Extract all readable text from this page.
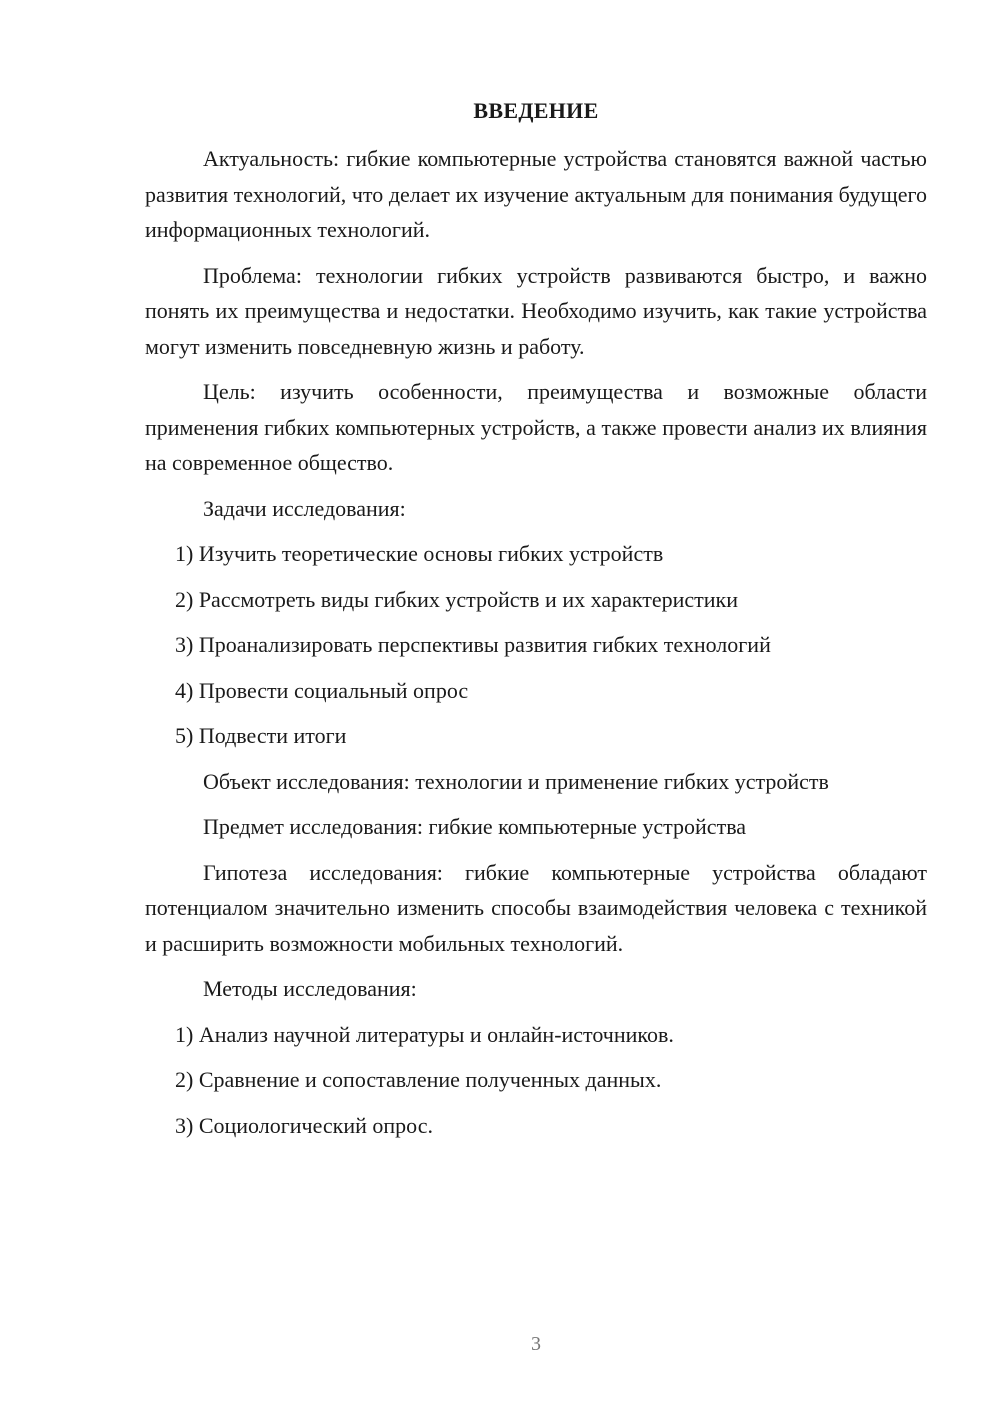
ВВЕДЕНИЕ

Актуальность: гибкие компьютерные устройства становятся важной частью развития технологий, что делает их изучение актуальным для понимания будущего информационных технологий.

Проблема: технологии гибких устройств развиваются быстро, и важно понять их преимущества и недостатки. Необходимо изучить, как такие устройства могут изменить повседневную жизнь и работу.

Цель: изучить особенности, преимущества и возможные области применения гибких компьютерных устройств, а также провести анализ их влияния на современное общество.

Задачи исследования:

1) Изучить теоретические основы гибких устройств

2) Рассмотреть виды гибких устройств и их характеристики

3) Проанализировать перспективы развития гибких технологий

4) Провести социальный опрос

5) Подвести итоги

Объект исследования: технологии и применение гибких устройств

Предмет исследования: гибкие компьютерные устройства

Гипотеза исследования: гибкие компьютерные устройства обладают потенциалом значительно изменить способы взаимодействия человека с техникой и расширить возможности мобильных технологий.

Методы исследования:

1) Анализ научной литературы и онлайн-источников.

2) Сравнение и сопоставление полученных данных.

3) Социологический опрос.

3
